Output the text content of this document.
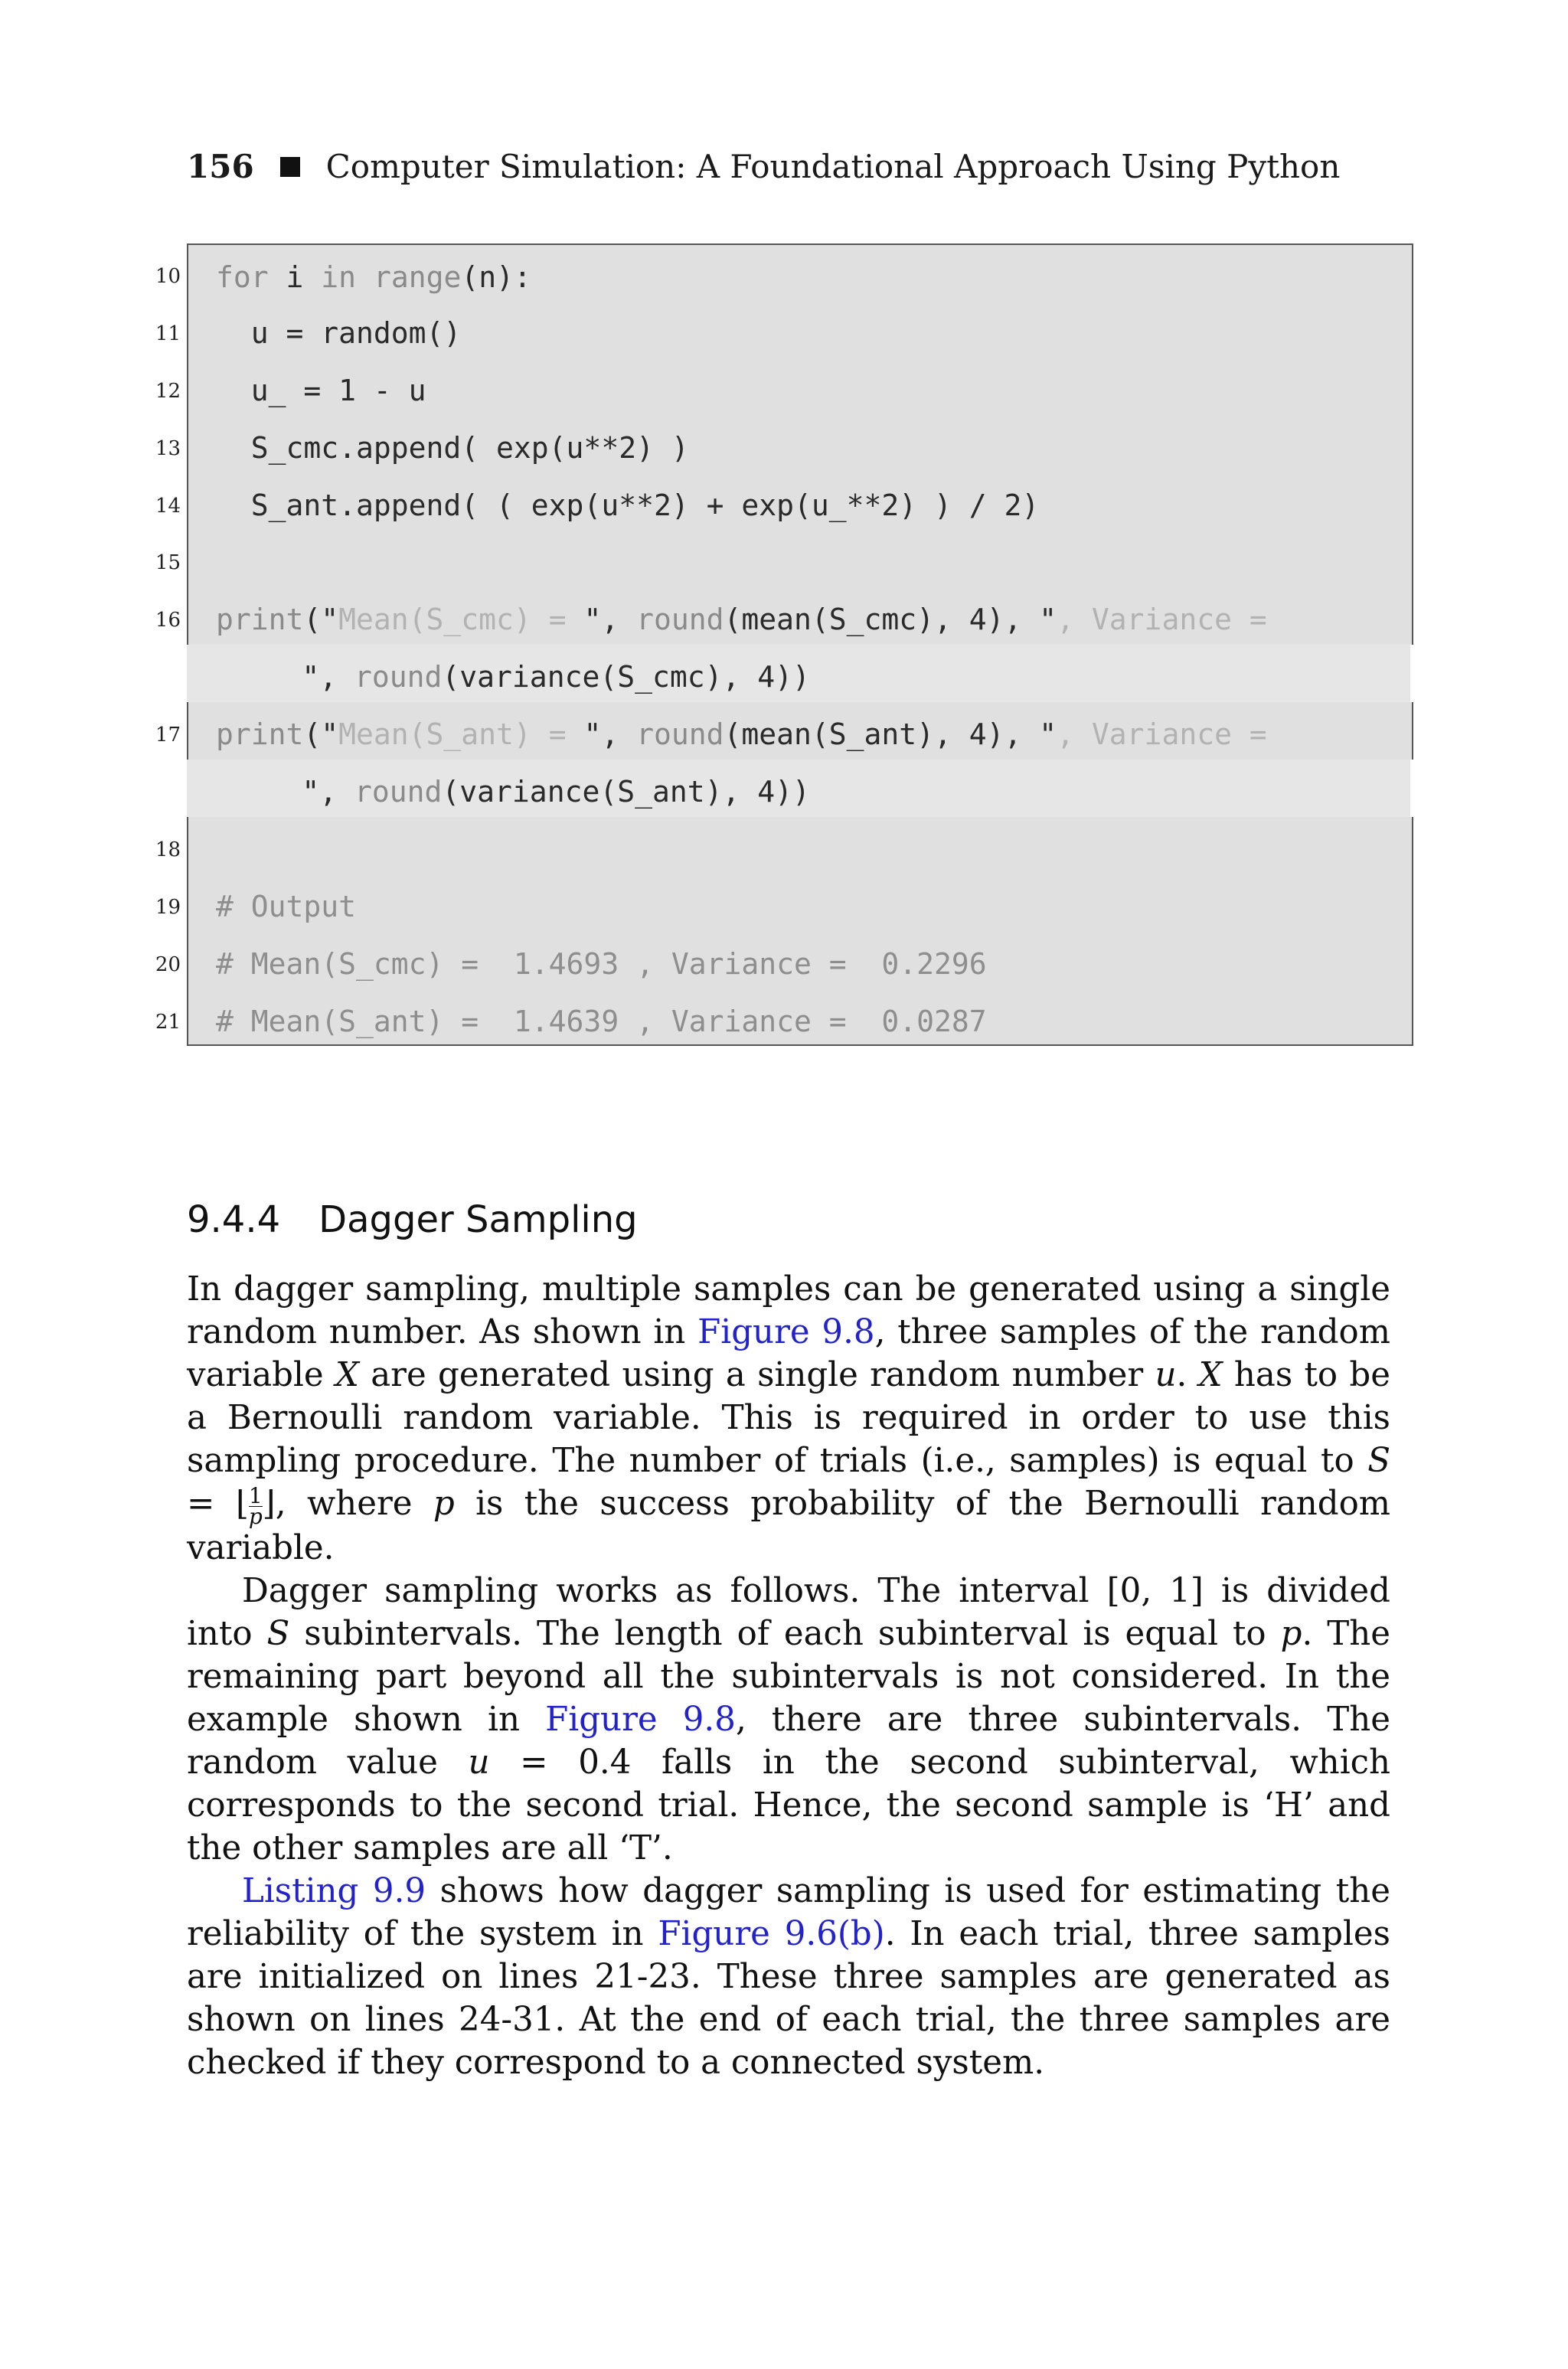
156 Computer Simulation: A Foundational Approach Using Python
10 for i in range(n):
11 u = random()
12 u_ = 1 - u
13 S_cmc.append( exp(u**2) )
14 S_ant.append( ( exp(u**2) + exp(u_**2) ) / 2)
15
16 print("Mean(S_cmc) = ", round(mean(S_cmc), 4), ", Variance =
", round(variance(S_cmc), 4))
17 print("Mean(S_ant) = ", round(mean(S_ant), 4), ", Variance =
", round(variance(S_ant), 4))
18
19 # Output
20 # Mean(S_cmc) =  1.4693 , Variance =  0.2296
21 # Mean(S_ant) =  1.4639 , Variance =  0.0287
9.4.4 Dagger Sampling

In dagger sampling, multiple samples can be generated using a single random number. As shown in Figure 9.8, three samples of the random variable X are generated using a single random number u. X has to be a Bernoulli random variable. This is required in order to use this sampling procedure. The number of trials (i.e., samples) is equal to S = ⌊ $\frac{1}{p}$ ⌋, where p is the success probability of the Bernoulli random variable.

Dagger sampling works as follows. The interval [0, 1] is divided into S subintervals. The length of each subinterval is equal to p. The remaining part beyond all the subintervals is not considered. In the example shown in Figure 9.8, there are three subintervals. The random value u = 0.4 falls in the second subinterval, which corresponds to the second trial. Hence, the second sample is ‘H’ and the other samples are all ‘T’.

Listing 9.9 shows how dagger sampling is used for estimating the reliability of the system in Figure 9.6(b). In each trial, three samples are initialized on lines 21-23. These three samples are generated as shown on lines 24-31. At the end of each trial, the three samples are checked if they correspond to a connected system.
